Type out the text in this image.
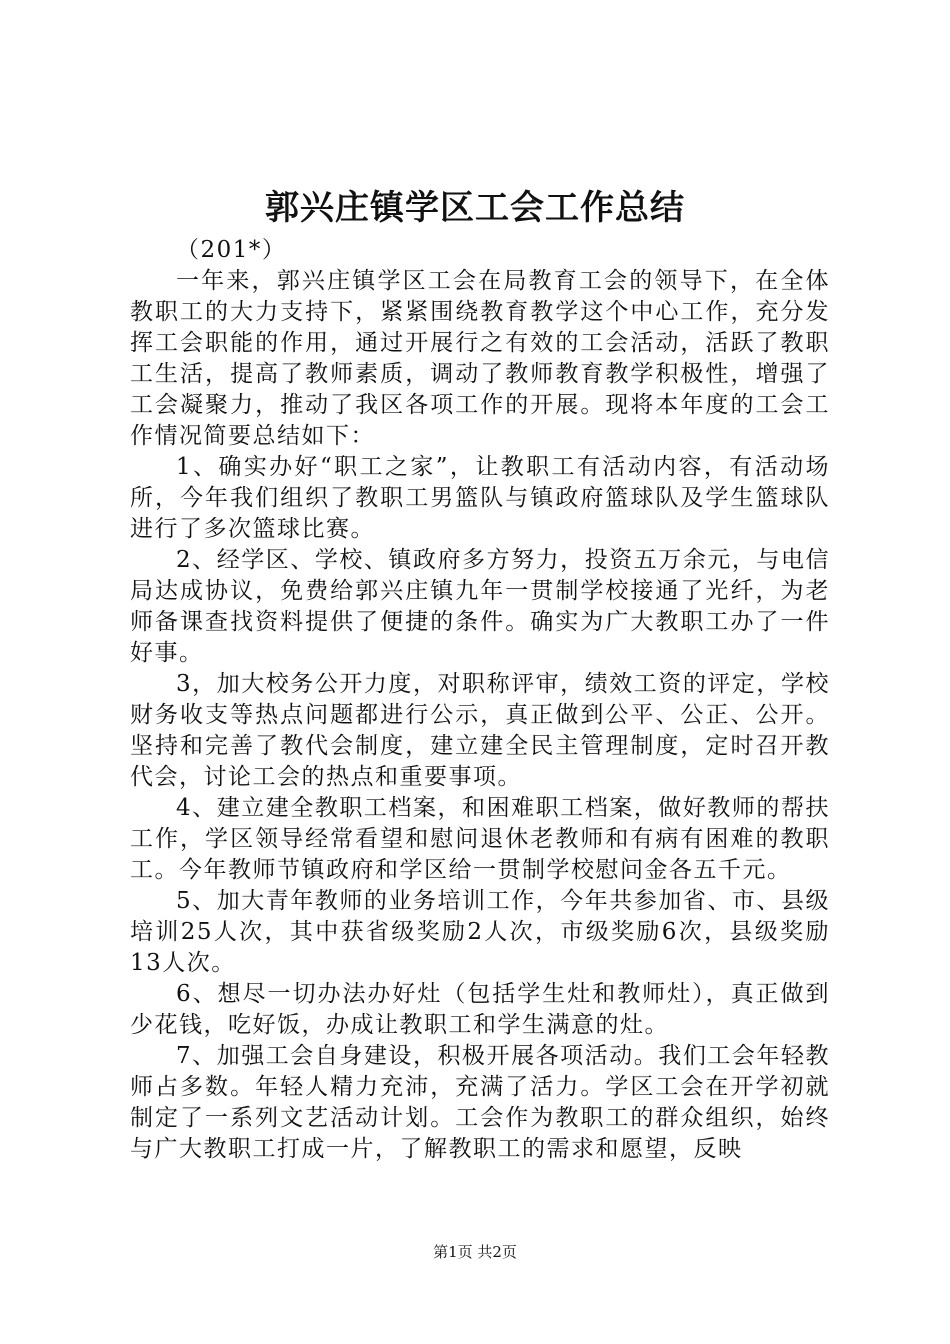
郭兴庄镇学区工会工作总结

（201*）

一年来，郭兴庄镇学区工会在局教育工会的领导下，在全体教职工的大力支持下，紧紧围绕教育教学这个中心工作，充分发挥工会职能的作用，通过开展行之有效的工会活动，活跃了教职工生活，提高了教师素质，调动了教师教育教学积极性，增强了工会凝聚力，推动了我区各项工作的开展。现将本年度的工会工作情况简要总结如下：

1、确实办好“职工之家”，让教职工有活动内容，有活动场所，今年我们组织了教职工男篮队与镇政府篮球队及学生篮球队进行了多次篮球比赛。

2、经学区、学校、镇政府多方努力，投资五万余元，与电信局达成协议，免费给郭兴庄镇九年一贯制学校接通了光纤，为老师备课查找资料提供了便捷的条件。确实为广大教职工办了一件好事。

3，加大校务公开力度，对职称评审，绩效工资的评定，学校财务收支等热点问题都进行公示，真正做到公平、公正、公开。坚持和完善了教代会制度，建立建全民主管理制度，定时召开教代会，讨论工会的热点和重要事项。

4、建立建全教职工档案，和困难职工档案，做好教师的帮扶工作，学区领导经常看望和慰问退休老教师和有病有困难的教职工。今年教师节镇政府和学区给一贯制学校慰问金各五千元。

5、加大青年教师的业务培训工作，今年共参加省、市、县级培训25人次，其中获省级奖励2人次，市级奖励6次，县级奖励13人次。

6、想尽一切办法办好灶（包括学生灶和教师灶），真正做到少花钱，吃好饭，办成让教职工和学生满意的灶。

7、加强工会自身建设，积极开展各项活动。我们工会年轻教师占多数。年轻人精力充沛，充满了活力。学区工会在开学初就制定了一系列文艺活动计划。工会作为教职工的群众组织，始终与广大教职工打成一片，了解教职工的需求和愿望，反映

第1页 共2页
